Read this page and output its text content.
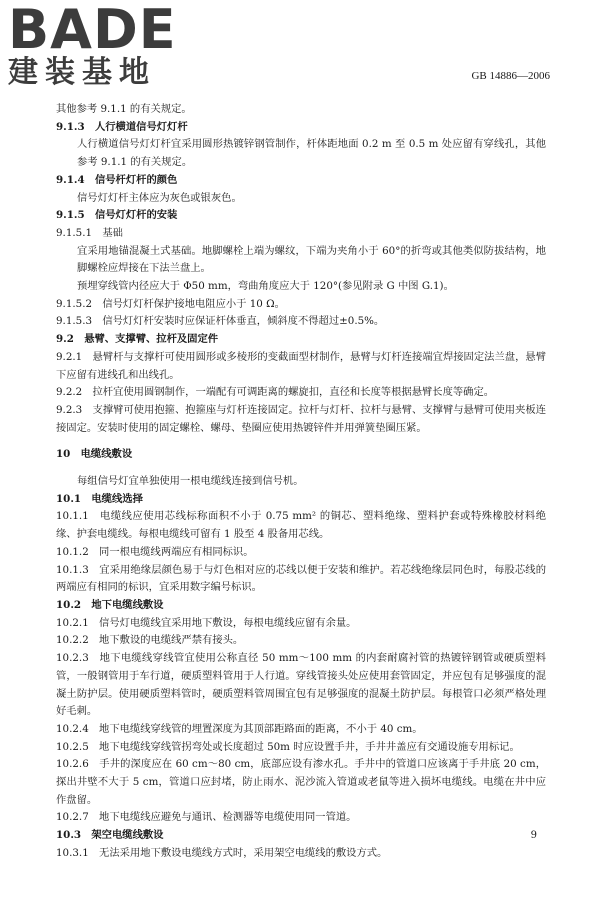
BADE
建装基地	GB 14886—2006

其他参考 9.1.1 的有关规定。

9.1.3　人行横道信号灯灯杆

人行横道信号灯灯杆宜采用圆形热镀锌钢管制作，杆体距地面 0.2 m 至 0.5 m 处应留有穿线孔，其他参考 9.1.1 的有关规定。

9.1.4　信号杆灯杆的颜色

信号灯灯杆主体应为灰色或银灰色。

9.1.5　信号灯灯杆的安装

9.1.5.1　基础

宜采用地锚混凝土式基础。地脚螺栓上端为螺纹，下端为夹角小于 60°的折弯或其他类似防拔结构，地脚螺栓应焊接在下法兰盘上。

预埋穿线管内径应大于 Φ50 mm，弯曲角度应大于 120°(参见附录 G 中图 G.1)。

9.1.5.2　信号灯灯杆保护接地电阻应小于 10 Ω。

9.1.5.3　信号灯灯杆安装时应保证杆体垂直，倾斜度不得超过±0.5%。

9.2　悬臂、支撑臂、拉杆及固定件

9.2.1　悬臂杆与支撑杆可使用圆形或多棱形的变截面型材制作，悬臂与灯杆连接端宜焊接固定法兰盘，悬臂下应留有进线孔和出线孔。

9.2.2　拉杆宜使用圆钢制作，一端配有可调距离的螺旋扣，直径和长度等根据悬臂长度等确定。

9.2.3　支撑臂可使用抱箍、抱箍座与灯杆连接固定。拉杆与灯杆、拉杆与悬臂、支撑臂与悬臂可使用夹板连接固定。安装时使用的固定螺栓、螺母、垫圈应使用热镀锌件并用弹簧垫圈压紧。

10　电缆线敷设

每组信号灯宜单独使用一根电缆线连接到信号机。

10.1　电缆线选择

10.1.1　电缆线应使用芯线标称面积不小于 0.75 mm² 的铜芯、塑料绝缘、塑料护套或特殊橡胶材料绝缘、护套电缆线。每根电缆线可留有 1 股至 4 股备用芯线。

10.1.2　同一根电缆线两端应有相同标识。

10.1.3　宜采用绝缘层颜色易于与灯色相对应的芯线以便于安装和维护。若芯线绝缘层同色时，每股芯线的两端应有相同的标识，宜采用数字编号标识。

10.2　地下电缆线敷设

10.2.1　信号灯电缆线宜采用地下敷设，每根电缆线应留有余量。

10.2.2　地下敷设的电缆线严禁有接头。

10.2.3　地下电缆线穿线管宜使用公称直径 50 mm～100 mm 的内套耐腐衬管的热镀锌钢管或硬质塑料管，一般钢管用于车行道，硬质塑料管用于人行道。穿线管接头处应使用套管固定，并应包有足够强度的混凝土防护层。使用硬质塑料管时，硬质塑料管周围宜包有足够强度的混凝土防护层。每根管口必须严格处理好毛刺。

10.2.4　地下电缆线穿线管的埋置深度为其顶部距路面的距离，不小于 40 cm。

10.2.5　地下电缆线穿线管拐弯处或长度超过 50m 时应设置手井，手井井盖应有交通设施专用标记。

10.2.6　手井的深度应在 60 cm～80 cm，底部应设有渗水孔。手井中的管道口应该离于手井底 20 cm，探出井壁不大于 5 cm，管道口应封堵，防止雨水、泥沙流入管道或老鼠等进入损坏电缆线。电缆在井中应作盘留。

10.2.7　地下电缆线应避免与通讯、检测器等电缆使用同一管道。

10.3　架空电缆线敷设

10.3.1　无法采用地下敷设电缆线方式时，采用架空电缆线的敷设方式。

9
